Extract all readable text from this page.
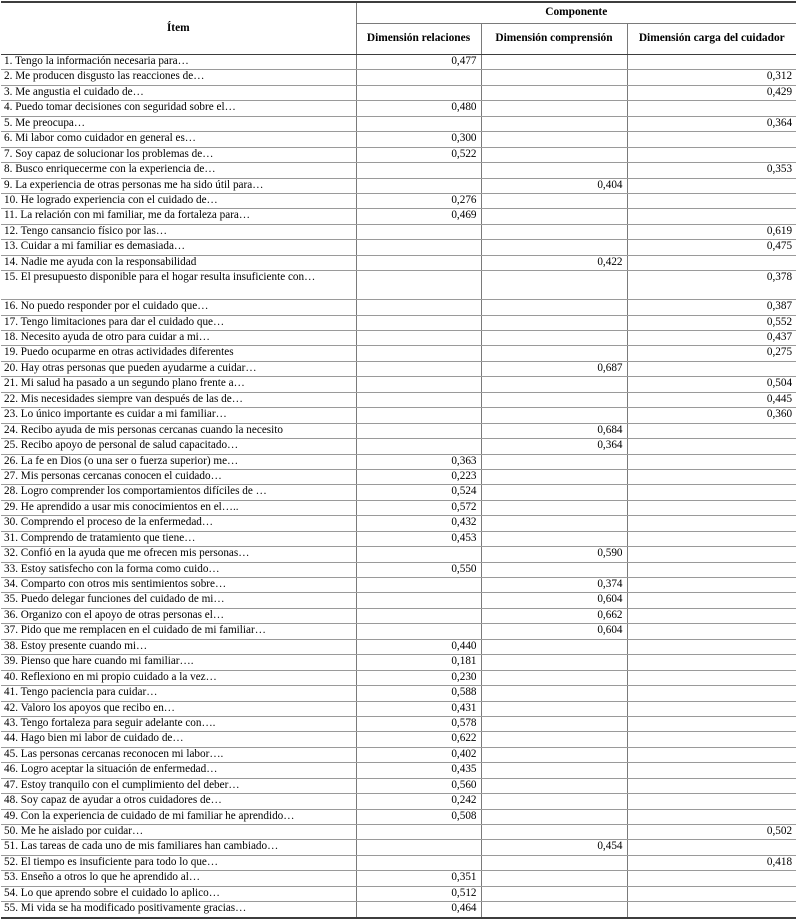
Ítem	Componente		
	Dimensión relaciones	Dimensión comprensión	Dimensión carga del cuidador
1. Tengo la información necesaria para…	0,477		
2. Me producen disgusto las reacciones de…			0,312
3. Me angustia el cuidado de…			0,429
4. Puedo tomar decisiones con seguridad sobre el…	0,480		
5. Me preocupa…			0,364
6. Mi labor como cuidador en general es…	0,300		
7. Soy capaz de solucionar los problemas de…	0,522		
8. Busco enriquecerme con la experiencia de…			0,353
9. La experiencia de otras personas me ha sido útil para…		0,404	
10. He logrado experiencia con el cuidado de…	0,276		
11. La relación con mi familiar, me da fortaleza para…	0,469		
12. Tengo cansancio físico por las…			0,619
13. Cuidar a mi familiar es demasiada…			0,475
14. Nadie me ayuda con la responsabilidad		0,422	
15. El presupuesto disponible para el hogar resulta insuficiente con…			0,378
16. No puedo responder por el cuidado que…			0,387
17. Tengo limitaciones para dar el cuidado que…			0,552
18. Necesito ayuda de otro para cuidar a mi…			0,437
19. Puedo ocuparme en otras actividades diferentes			0,275
20. Hay otras personas que pueden ayudarme a cuidar…		0,687	
21. Mi salud ha pasado a un segundo plano frente a…			0,504
22. Mis necesidades siempre van después de las de…			0,445
23. Lo único importante es cuidar a mi familiar…			0,360
24. Recibo ayuda de mis personas cercanas cuando la necesito		0,684	
25. Recibo apoyo de personal de salud capacitado…		0,364	
26. La fe en Dios (o una ser o fuerza superior) me…	0,363		
27. Mis personas cercanas conocen el cuidado…	0,223		
28. Logro comprender los comportamientos difíciles de …	0,524		
29. He aprendido a usar mis conocimientos en el…..	0,572		
30. Comprendo el proceso de la enfermedad…	0,432		
31. Comprendo de tratamiento que tiene…	0,453		
32. Confió en la ayuda que me ofrecen mis personas…		0,590	
33. Estoy satisfecho con la forma como cuido…	0,550		
34. Comparto con otros mis sentimientos sobre…		0,374	
35. Puedo delegar funciones del cuidado de mi…		0,604	
36. Organizo con el apoyo de otras personas el…		0,662	
37. Pido que me remplacen en el cuidado de mi familiar…		0,604	
38. Estoy presente cuando mi…	0,440		
39. Pienso que hare cuando mi familiar….	0,181		
40. Reflexiono en mi propio cuidado a la vez…	0,230		
41. Tengo paciencia para cuidar…	0,588		
42. Valoro los apoyos que recibo en…	0,431		
43. Tengo fortaleza para seguir adelante con….	0,578		
44. Hago bien mi labor de cuidado de…	0,622		
45. Las personas cercanas reconocen mi labor….	0,402		
46. Logro aceptar la situación de enfermedad…	0,435		
47. Estoy tranquilo con el cumplimiento del deber…	0,560		
48. Soy capaz de ayudar a otros cuidadores de…	0,242		
49. Con la experiencia de cuidado de mi familiar he aprendido…	0,508		
50. Me he aislado por cuidar…			0,502
51. Las tareas de cada uno de mis familiares han cambiado…		0,454	
52. El tiempo es insuficiente para todo lo que…			0,418
53. Enseño a otros lo que he aprendido al…	0,351		
54. Lo que aprendo sobre el cuidado lo aplico…	0,512		
55. Mi vida se ha modificado positivamente gracias…	0,464		
